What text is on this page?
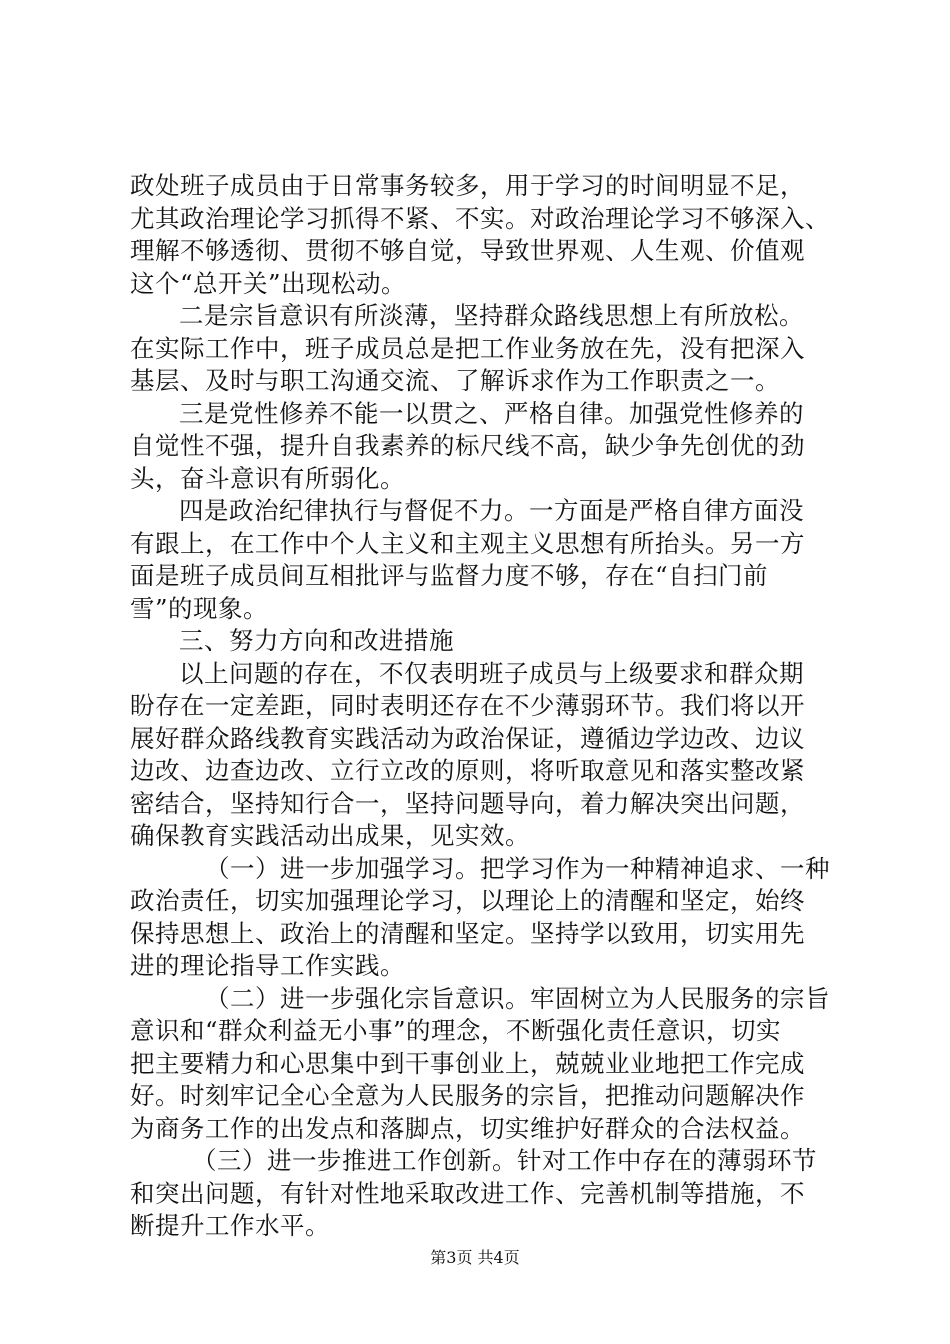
政处班子成员由于日常事务较多，用于学习的时间明显不足，
尤其政治理论学习抓得不紧、不实。对政治理论学习不够深入、
理解不够透彻、贯彻不够自觉，导致世界观、人生观、价值观
这个“总开关”出现松动。
二是宗旨意识有所淡薄，坚持群众路线思想上有所放松。
在实际工作中，班子成员总是把工作业务放在先，没有把深入
基层、及时与职工沟通交流、了解诉求作为工作职责之一。
三是党性修养不能一以贯之、严格自律。加强党性修养的
自觉性不强，提升自我素养的标尺线不高，缺少争先创优的劲
头，奋斗意识有所弱化。
四是政治纪律执行与督促不力。一方面是严格自律方面没
有跟上，在工作中个人主义和主观主义思想有所抬头。另一方
面是班子成员间互相批评与监督力度不够，存在“自扫门前
雪”的现象。
三、努力方向和改进措施
以上问题的存在，不仅表明班子成员与上级要求和群众期
盼存在一定差距，同时表明还存在不少薄弱环节。我们将以开
展好群众路线教育实践活动为政治保证，遵循边学边改、边议
边改、边查边改、立行立改的原则，将听取意见和落实整改紧
密结合，坚持知行合一，坚持问题导向，着力解决突出问题，
确保教育实践活动出成果，见实效。
（一）进一步加强学习。把学习作为一种精神追求、一种
政治责任，切实加强理论学习，以理论上的清醒和坚定，始终
保持思想上、政治上的清醒和坚定。坚持学以致用，切实用先
进的理论指导工作实践。
（二）进一步强化宗旨意识。牢固树立为人民服务的宗旨
意识和“群众利益无小事”的理念，不断强化责任意识，切实
把主要精力和心思集中到干事创业上，兢兢业业地把工作完成
好。时刻牢记全心全意为人民服务的宗旨，把推动问题解决作
为商务工作的出发点和落脚点，切实维护好群众的合法权益。
（三）进一步推进工作创新。针对工作中存在的薄弱环节
和突出问题，有针对性地采取改进工作、完善机制等措施，不
断提升工作水平。
第3页 共4页
